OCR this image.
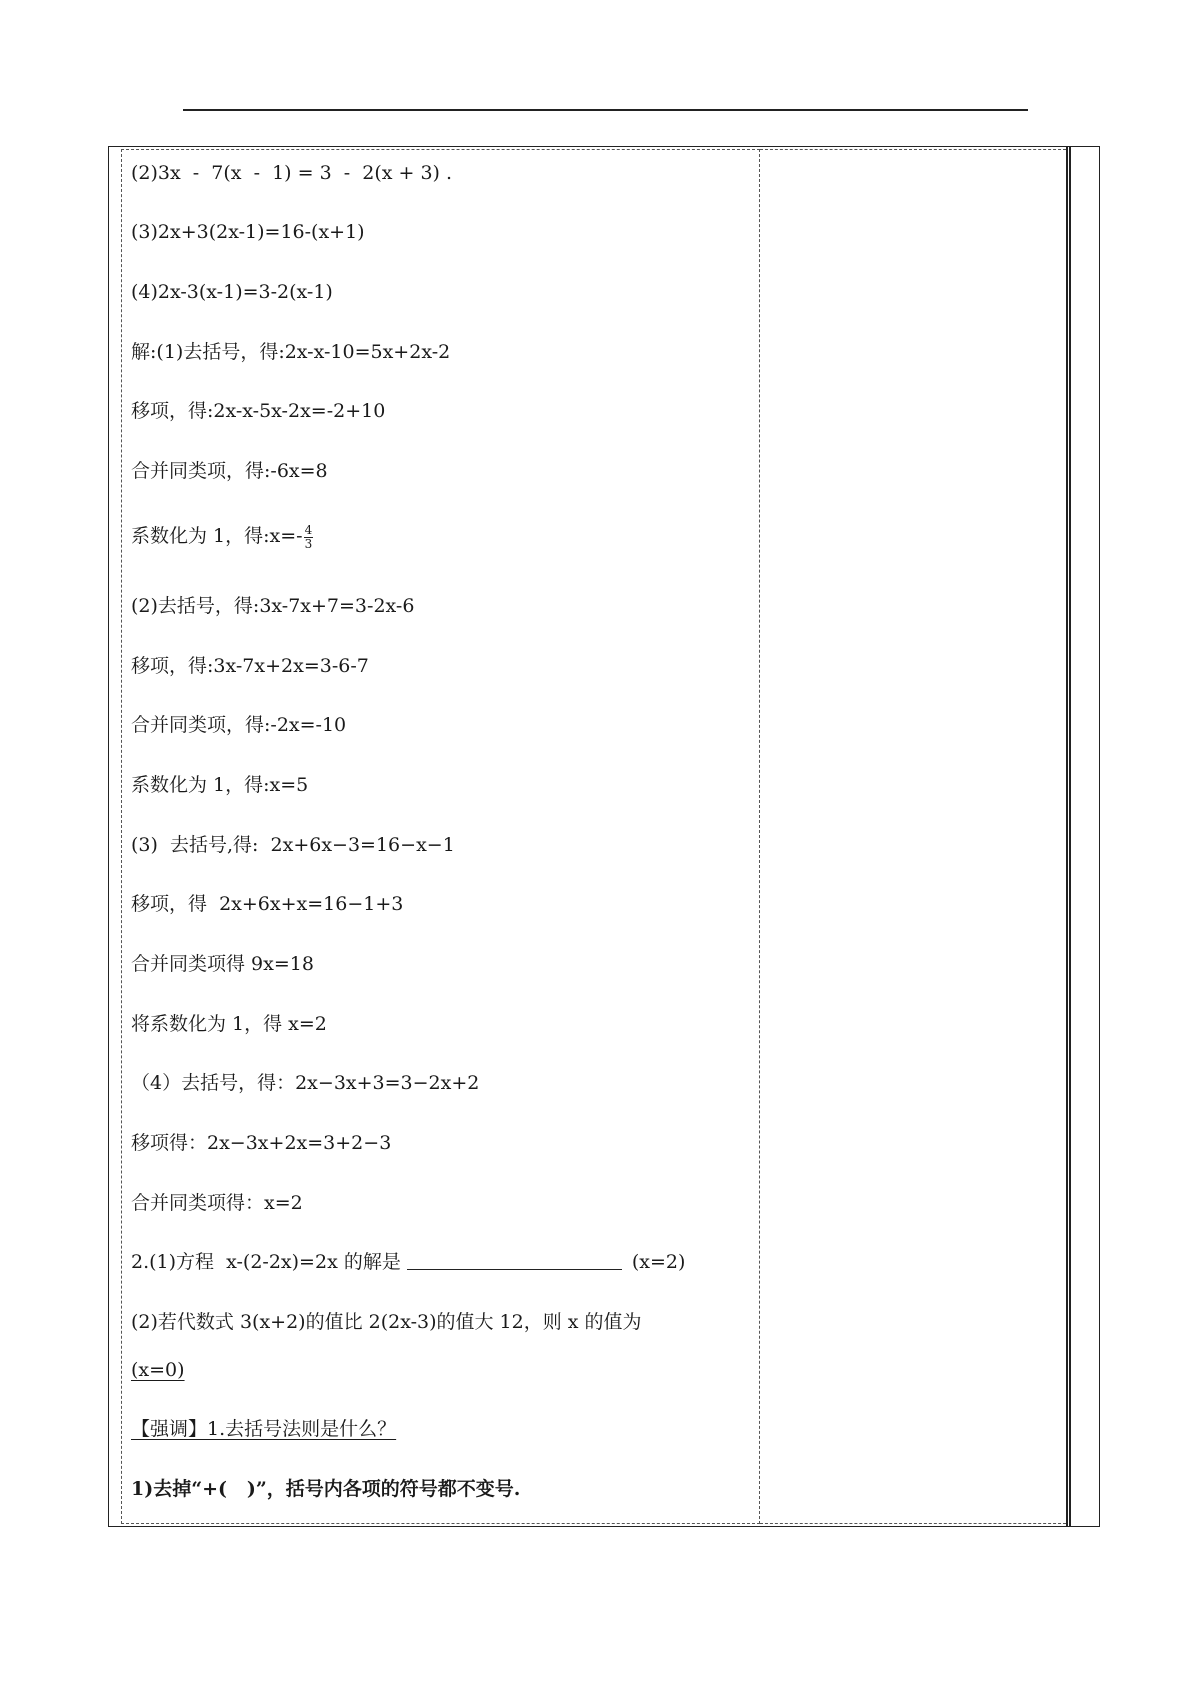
(2)3x  -  7(x  -  1) = 3  -  2(x + 3) .
(3)2x+3(2x-1)=16-(x+1)
(4)2x-3(x-1)=3-2(x-1)
解:(1)去括号，得:2x-x-10=5x+2x-2
移项，得:2x-x-5x-2x=-2+10
合并同类项，得:-6x=8
系数化为 1，得:x=- $\frac{4}{3}$
(2)去括号，得:3x-7x+7=3-2x-6
移项，得:3x-7x+2x=3-6-7
合并同类项，得:-2x=-10
系数化为 1，得:x=5
(3)  去括号,得:  2x+6x−3=16−x−1
移项，得  2x+6x+x=16−1+3
合并同类项得 9x=18
将系数化为 1，得 x=2
（4）去括号，得：2x−3x+3=3−2x+2
移项得：2x−3x+2x=3+2−3
合并同类项得：x=2
2.(1)方程  x-(2-2x)=2x 的解是	(x=2)
(2)若代数式 3(x+2)的值比 2(2x-3)的值大 12，则 x 的值为
(x=0)
【强调】1.去括号法则是什么？
1)去掉“+(   )”，括号内各项的符号都不变号.
